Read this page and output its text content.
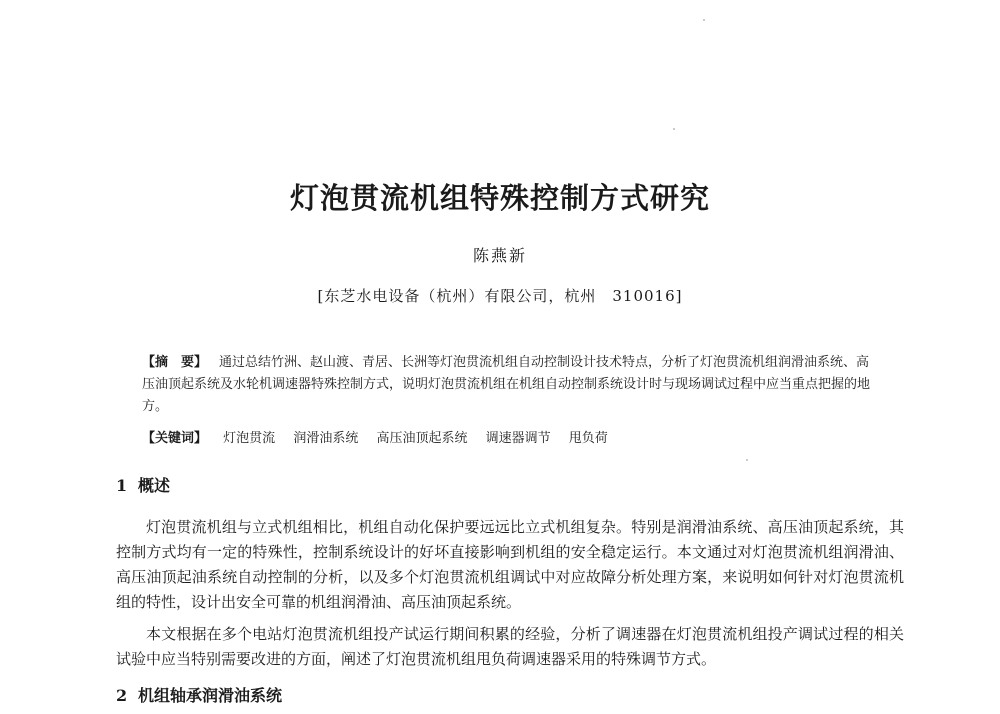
灯泡贯流机组特殊控制方式研究
陈燕新
[东芝水电设备（杭州）有限公司，杭州　310016]
【摘　要】 通过总结竹洲、赵山渡、青居、长洲等灯泡贯流机组自动控制设计技术特点，分析了灯泡贯流机组润滑油系统、高压油顶起系统及水轮机调速器特殊控制方式，说明灯泡贯流机组在机组自动控制系统设计时与现场调试过程中应当重点把握的地方。
【关键词】 灯泡贯流 润滑油系统 高压油顶起系统 调速器调节 甩负荷
1 概述
灯泡贯流机组与立式机组相比，机组自动化保护要远远比立式机组复杂。特别是润滑油系统、高压油顶起系统，其控制方式均有一定的特殊性，控制系统设计的好坏直接影响到机组的安全稳定运行。本文通过对灯泡贯流机组润滑油、高压油顶起油系统自动控制的分析，以及多个灯泡贯流机组调试中对应故障分析处理方案，来说明如何针对灯泡贯流机组的特性，设计出安全可靠的机组润滑油、高压油顶起系统。
本文根据在多个电站灯泡贯流机组投产试运行期间积累的经验，分析了调速器在灯泡贯流机组投产调试过程的相关试验中应当特别需要改进的方面，阐述了灯泡贯流机组甩负荷调速器采用的特殊调节方式。
2 机组轴承润滑油系统
